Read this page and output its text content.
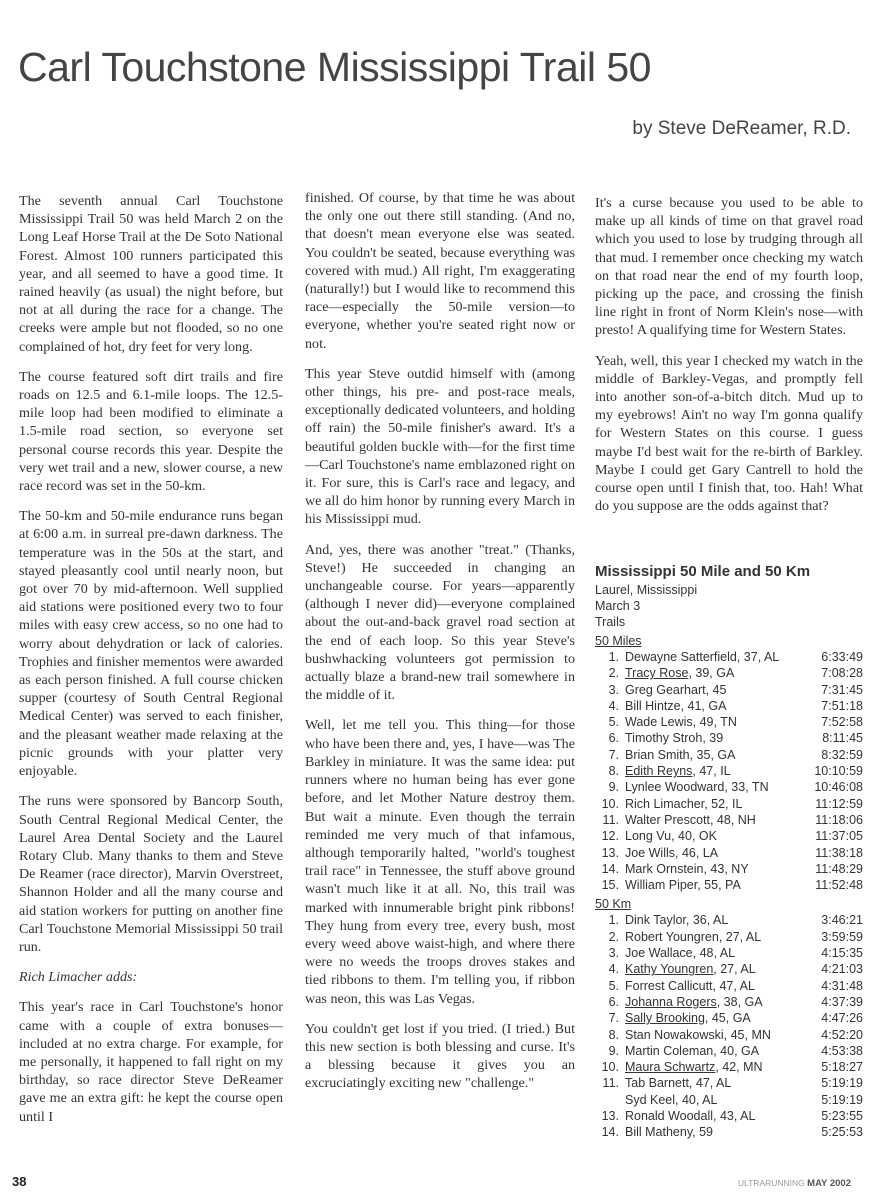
Carl Touchstone Mississippi Trail 50
by Steve DeReamer, R.D.

The seventh annual Carl Touchstone Mississippi Trail 50 was held March 2 on the Long Leaf Horse Trail at the De Soto National Forest. Almost 100 runners participated this year, and all seemed to have a good time. It rained heavily (as usual) the night before, but not at all during the race for a change. The creeks were ample but not flooded, so no one complained of hot, dry feet for very long.

The course featured soft dirt trails and fire roads on 12.5 and 6.1-mile loops. The 12.5-mile loop had been modified to eliminate a 1.5-mile road section, so everyone set personal course records this year. Despite the very wet trail and a new, slower course, a new race record was set in the 50-km.

The 50-km and 50-mile endurance runs began at 6:00 a.m. in surreal pre-dawn darkness. The temperature was in the 50s at the start, and stayed pleasantly cool until nearly noon, but got over 70 by mid-afternoon. Well supplied aid stations were positioned every two to four miles with easy crew access, so no one had to worry about dehydration or lack of calories. Trophies and finisher mementos were awarded as each person finished. A full course chicken supper (courtesy of South Central Regional Medical Center) was served to each finisher, and the pleasant weather made relaxing at the picnic grounds with your platter very enjoyable.

The runs were sponsored by Bancorp South, South Central Regional Medical Center, the Laurel Area Dental Society and the Laurel Rotary Club. Many thanks to them and Steve De Reamer (race director), Marvin Overstreet, Shannon Holder and all the many course and aid station workers for putting on another fine Carl Touchstone Memorial Mississippi 50 trail run.

Rich Limacher adds:

This year's race in Carl Touchstone's honor came with a couple of extra bonuses—included at no extra charge. For example, for me personally, it happened to fall right on my birthday, so race director Steve DeReamer gave me an extra gift: he kept the course open until I

finished. Of course, by that time he was about the only one out there still standing. (And no, that doesn't mean everyone else was seated. You couldn't be seated, because everything was covered with mud.) All right, I'm exaggerating (naturally!) but I would like to recommend this race—especially the 50-mile version—to everyone, whether you're seated right now or not.

This year Steve outdid himself with (among other things, his pre- and post-race meals, exceptionally dedicated volunteers, and holding off rain) the 50-mile finisher's award. It's a beautiful golden buckle with—for the first time—Carl Touchstone's name emblazoned right on it. For sure, this is Carl's race and legacy, and we all do him honor by running every March in his Mississippi mud.

And, yes, there was another "treat." (Thanks, Steve!) He succeeded in changing an unchangeable course. For years—apparently (although I never did)—everyone complained about the out-and-back gravel road section at the end of each loop. So this year Steve's bushwhacking volunteers got permission to actually blaze a brand-new trail somewhere in the middle of it.

Well, let me tell you. This thing—for those who have been there and, yes, I have—was The Barkley in miniature. It was the same idea: put runners where no human being has ever gone before, and let Mother Nature destroy them. But wait a minute. Even though the terrain reminded me very much of that infamous, although temporarily halted, "world's toughest trail race" in Tennessee, the stuff above ground wasn't much like it at all. No, this trail was marked with innumerable bright pink ribbons! They hung from every tree, every bush, most every weed above waist-high, and where there were no weeds the troops droves stakes and tied ribbons to them. I'm telling you, if ribbon was neon, this was Las Vegas.

You couldn't get lost if you tried. (I tried.) But this new section is both blessing and curse. It's a blessing because it gives you an excruciatingly exciting new "challenge."

It's a curse because you used to be able to make up all kinds of time on that gravel road which you used to lose by trudging through all that mud. I remember once checking my watch on that road near the end of my fourth loop, picking up the pace, and crossing the finish line right in front of Norm Klein's nose—with presto! A qualifying time for Western States.

Yeah, well, this year I checked my watch in the middle of Barkley-Vegas, and promptly fell into another son-of-a-bitch ditch. Mud up to my eyebrows! Ain't no way I'm gonna qualify for Western States on this course. I guess maybe I'd best wait for the re-birth of Barkley. Maybe I could get Gary Cantrell to hold the course open until I finish that, too. Hah! What do you suppose are the odds against that?

Mississippi 50 Mile and 50 Km
Laurel, Mississippi
March 3
Trails
50 Miles
1. Dewayne Satterfield, 37, AL	6:33:49
2. Tracy Rose, 39, GA	7:08:28
3. Greg Gearhart, 45	7:31:45
4. Bill Hintze, 41, GA	7:51:18
5. Wade Lewis, 49, TN	7:52:58
6. Timothy Stroh, 39	8:11:45
7. Brian Smith, 35, GA	8:32:59
8. Edith Reyns, 47, IL	10:10:59
9. Lynlee Woodward, 33, TN	10:46:08
10. Rich Limacher, 52, IL	11:12:59
11. Walter Prescott, 48, NH	11:18:06
12. Long Vu, 40, OK	11:37:05
13. Joe Wills, 46, LA	11:38:18
14. Mark Ornstein, 43, NY	11:48:29
15. William Piper, 55, PA	11:52:48
50 Km
1. Dink Taylor, 36, AL	3:46:21
2. Robert Youngren, 27, AL	3:59:59
3. Joe Wallace, 48, AL	4:15:35
4. Kathy Youngren, 27, AL	4:21:03
5. Forrest Callicutt, 47, AL	4:31:48
6. Johanna Rogers, 38, GA	4:37:39
7. Sally Brooking, 45, GA	4:47:26
8. Stan Nowakowski, 45, MN	4:52:20
9. Martin Coleman, 40, GA	4:53:38
10. Maura Schwartz, 42, MN	5:18:27
11. Tab Barnett, 47, AL	5:19:19
Syd Keel, 40, AL	5:19:19
13. Ronald Woodall, 43, AL	5:23:55
14. Bill Matheny, 59	5:25:53
38	ULTRARUNNING MAY 2002
